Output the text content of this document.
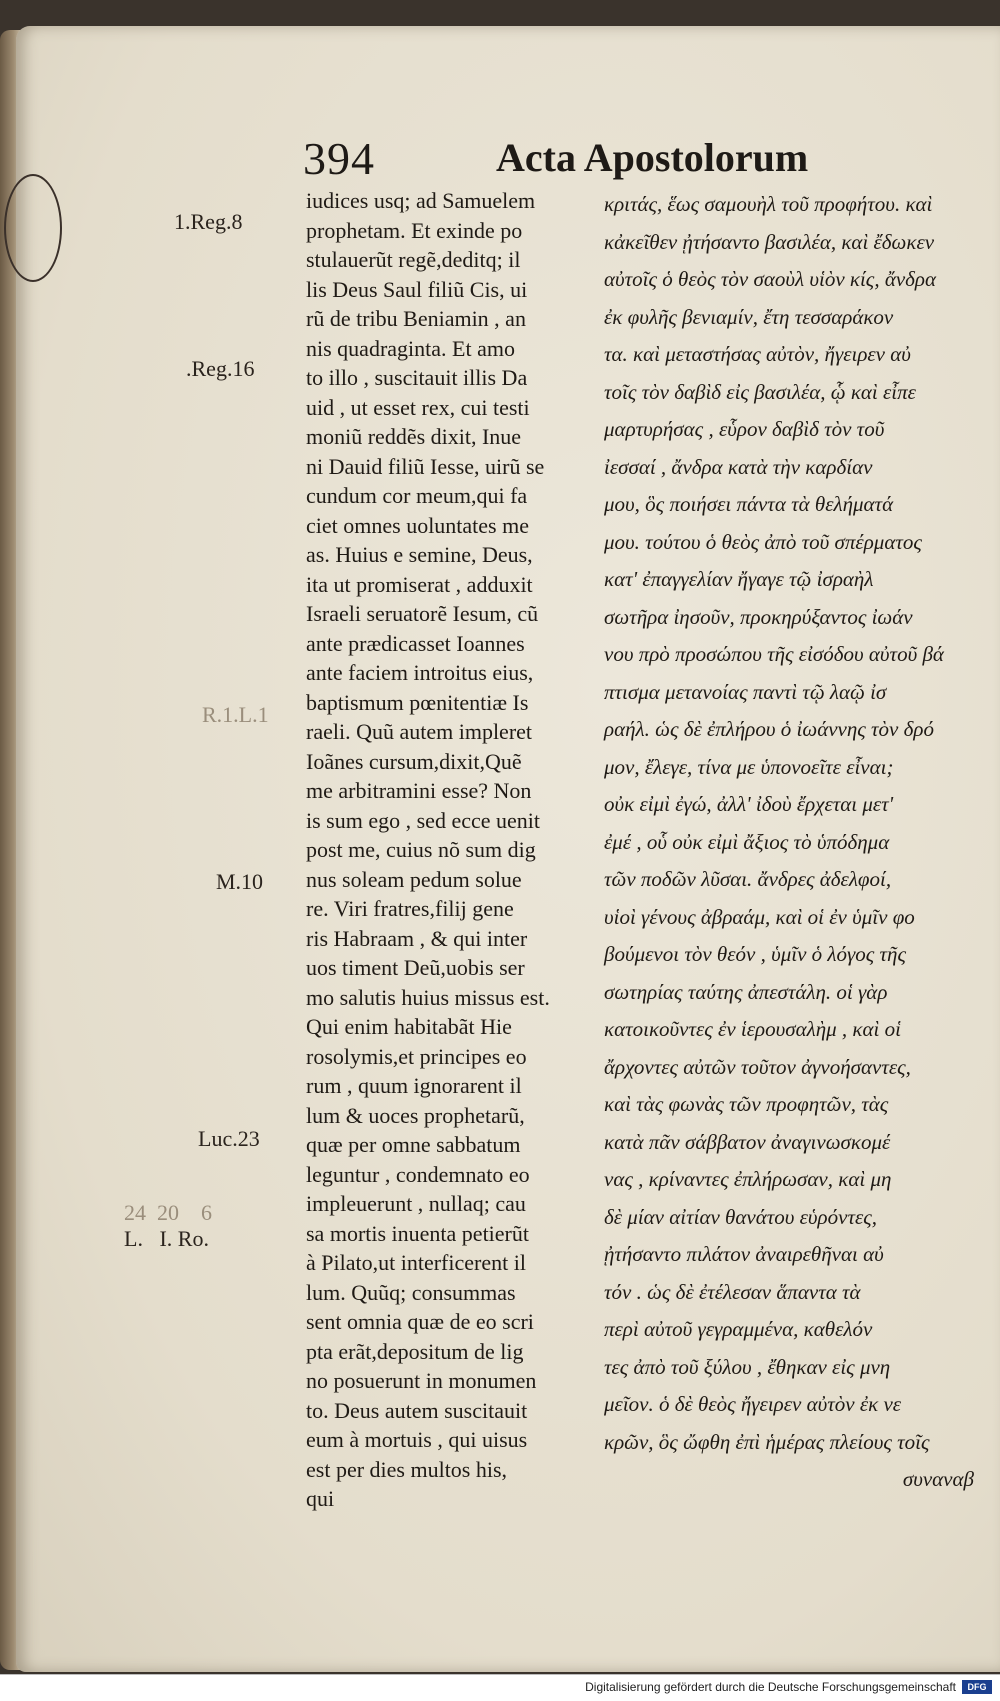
394	Acta Apostolorum
1.Reg.8
.Reg.16
R.1.L.1
M.10
Luc.23
24  20    6
L.   I. Ro.
iudices usq; ad Samuelem
prophetam. Et exinde po
stulauerũt regẽ,deditq; il
lis Deus Saul filiũ Cis, ui
rũ de tribu Beniamin , an
nis quadraginta. Et amo
to illo , suscitauit illis Da
uid , ut esset rex, cui testi
moniũ reddẽs dixit, Inue
ni Dauid filiũ Iesse, uirũ se
cundum cor meum,qui fa
ciet omnes uoluntates me
as. Huius e semine, Deus,
ita ut promiserat , adduxit
Israeli seruatorẽ Iesum, cũ
ante prædicasset Ioannes
ante faciem introitus eius,
baptismum pœnitentiæ Is
raeli. Quũ autem impleret
Ioãnes cursum,dixit,Quẽ
me arbitramini esse? Non
is sum ego , sed ecce uenit
post me, cuius nõ sum dig
nus soleam pedum solue
re. Viri fratres,filij gene
ris Habraam , & qui inter
uos timent Deũ,uobis ser
mo salutis huius missus est.
Qui enim habitabãt Hie
rosolymis,et principes eo
rum , quum ignorarent il
lum & uoces prophetarũ,
quæ per omne sabbatum
leguntur , condemnato eo
impleuerunt , nullaq; cau
sa mortis inuenta petierũt
à Pilato,ut interficerent il
lum. Quũq; consummas
sent omnia quæ de eo scri
pta erãt,depositum de lig
no posuerunt in monumen
to. Deus autem suscitauit
eum à mortuis , qui uisus
est per dies multos his,
qui
κριτάς, ἕως σαμουὴλ τοῦ προφήτου. καὶ
κἀκεῖθεν ᾐτήσαντο βασιλέα, καὶ ἔδωκεν
αὐτοῖς ὁ θεὸς τὸν σαοὺλ υἱὸν κίς, ἄνδρα
ἐκ φυλῆς βενιαμίν, ἔτη τεσσαράκον
τα. καὶ μεταστήσας αὐτὸν, ἤγειρεν αὐ
τοῖς τὸν δαβὶδ εἰς βασιλέα, ᾧ καὶ εἶπε
μαρτυρήσας , εὗρον δαβὶδ τὸν τοῦ
ἰεσσαί , ἄνδρα κατὰ τὴν καρδίαν
μου, ὃς ποιήσει πάντα τὰ θελήματά
μου. τούτου ὁ θεὸς ἀπὸ τοῦ σπέρματος
κατ' ἐπαγγελίαν ἤγαγε τῷ ἰσραὴλ
σωτῆρα ἰησοῦν, προκηρύξαντος ἰωάν
νου πρὸ προσώπου τῆς εἰσόδου αὐτοῦ βά
πτισμα μετανοίας παντὶ τῷ λαῷ ἰσ
ραήλ. ὡς δὲ ἐπλήρου ὁ ἰωάννης τὸν δρό
μον, ἔλεγε, τίνα με ὑπονοεῖτε εἶναι;
οὐκ εἰμὶ ἐγώ, ἀλλ' ἰδοὺ ἔρχεται μετ'
ἐμέ , οὗ οὐκ εἰμὶ ἄξιος τὸ ὑπόδημα
τῶν ποδῶν λῦσαι. ἄνδρες ἀδελφοί,
υἱοὶ γένους ἀβραάμ, καὶ οἱ ἐν ὑμῖν φο
βούμενοι τὸν θεόν , ὑμῖν ὁ λόγος τῆς
σωτηρίας ταύτης ἀπεστάλη. οἱ γὰρ
κατοικοῦντες ἐν ἱερουσαλὴμ , καὶ οἱ
ἄρχοντες αὐτῶν τοῦτον ἀγνοήσαντες,
καὶ τὰς φωνὰς τῶν προφητῶν, τὰς
κατὰ πᾶν σάββατον ἀναγινωσκομέ
νας , κρίναντες ἐπλήρωσαν, καὶ μη
δὲ μίαν αἰτίαν θανάτου εὑρόντες,
ᾐτήσαντο πιλάτον ἀναιρεθῆναι αὐ
τόν . ὡς δὲ ἐτέλεσαν ἅπαντα τὰ
περὶ αὐτοῦ γεγραμμένα, καθελόν
τες ἀπὸ τοῦ ξύλου , ἔθηκαν εἰς μνη
μεῖον. ὁ δὲ θεὸς ἤγειρεν αὐτὸν ἐκ νε
κρῶν, ὃς ὤφθη ἐπὶ ἡμέρας πλείους τοῖς
συναναβ
Digitalisierung gefördert durch die Deutsche Forschungsgemeinschaft	DFG
